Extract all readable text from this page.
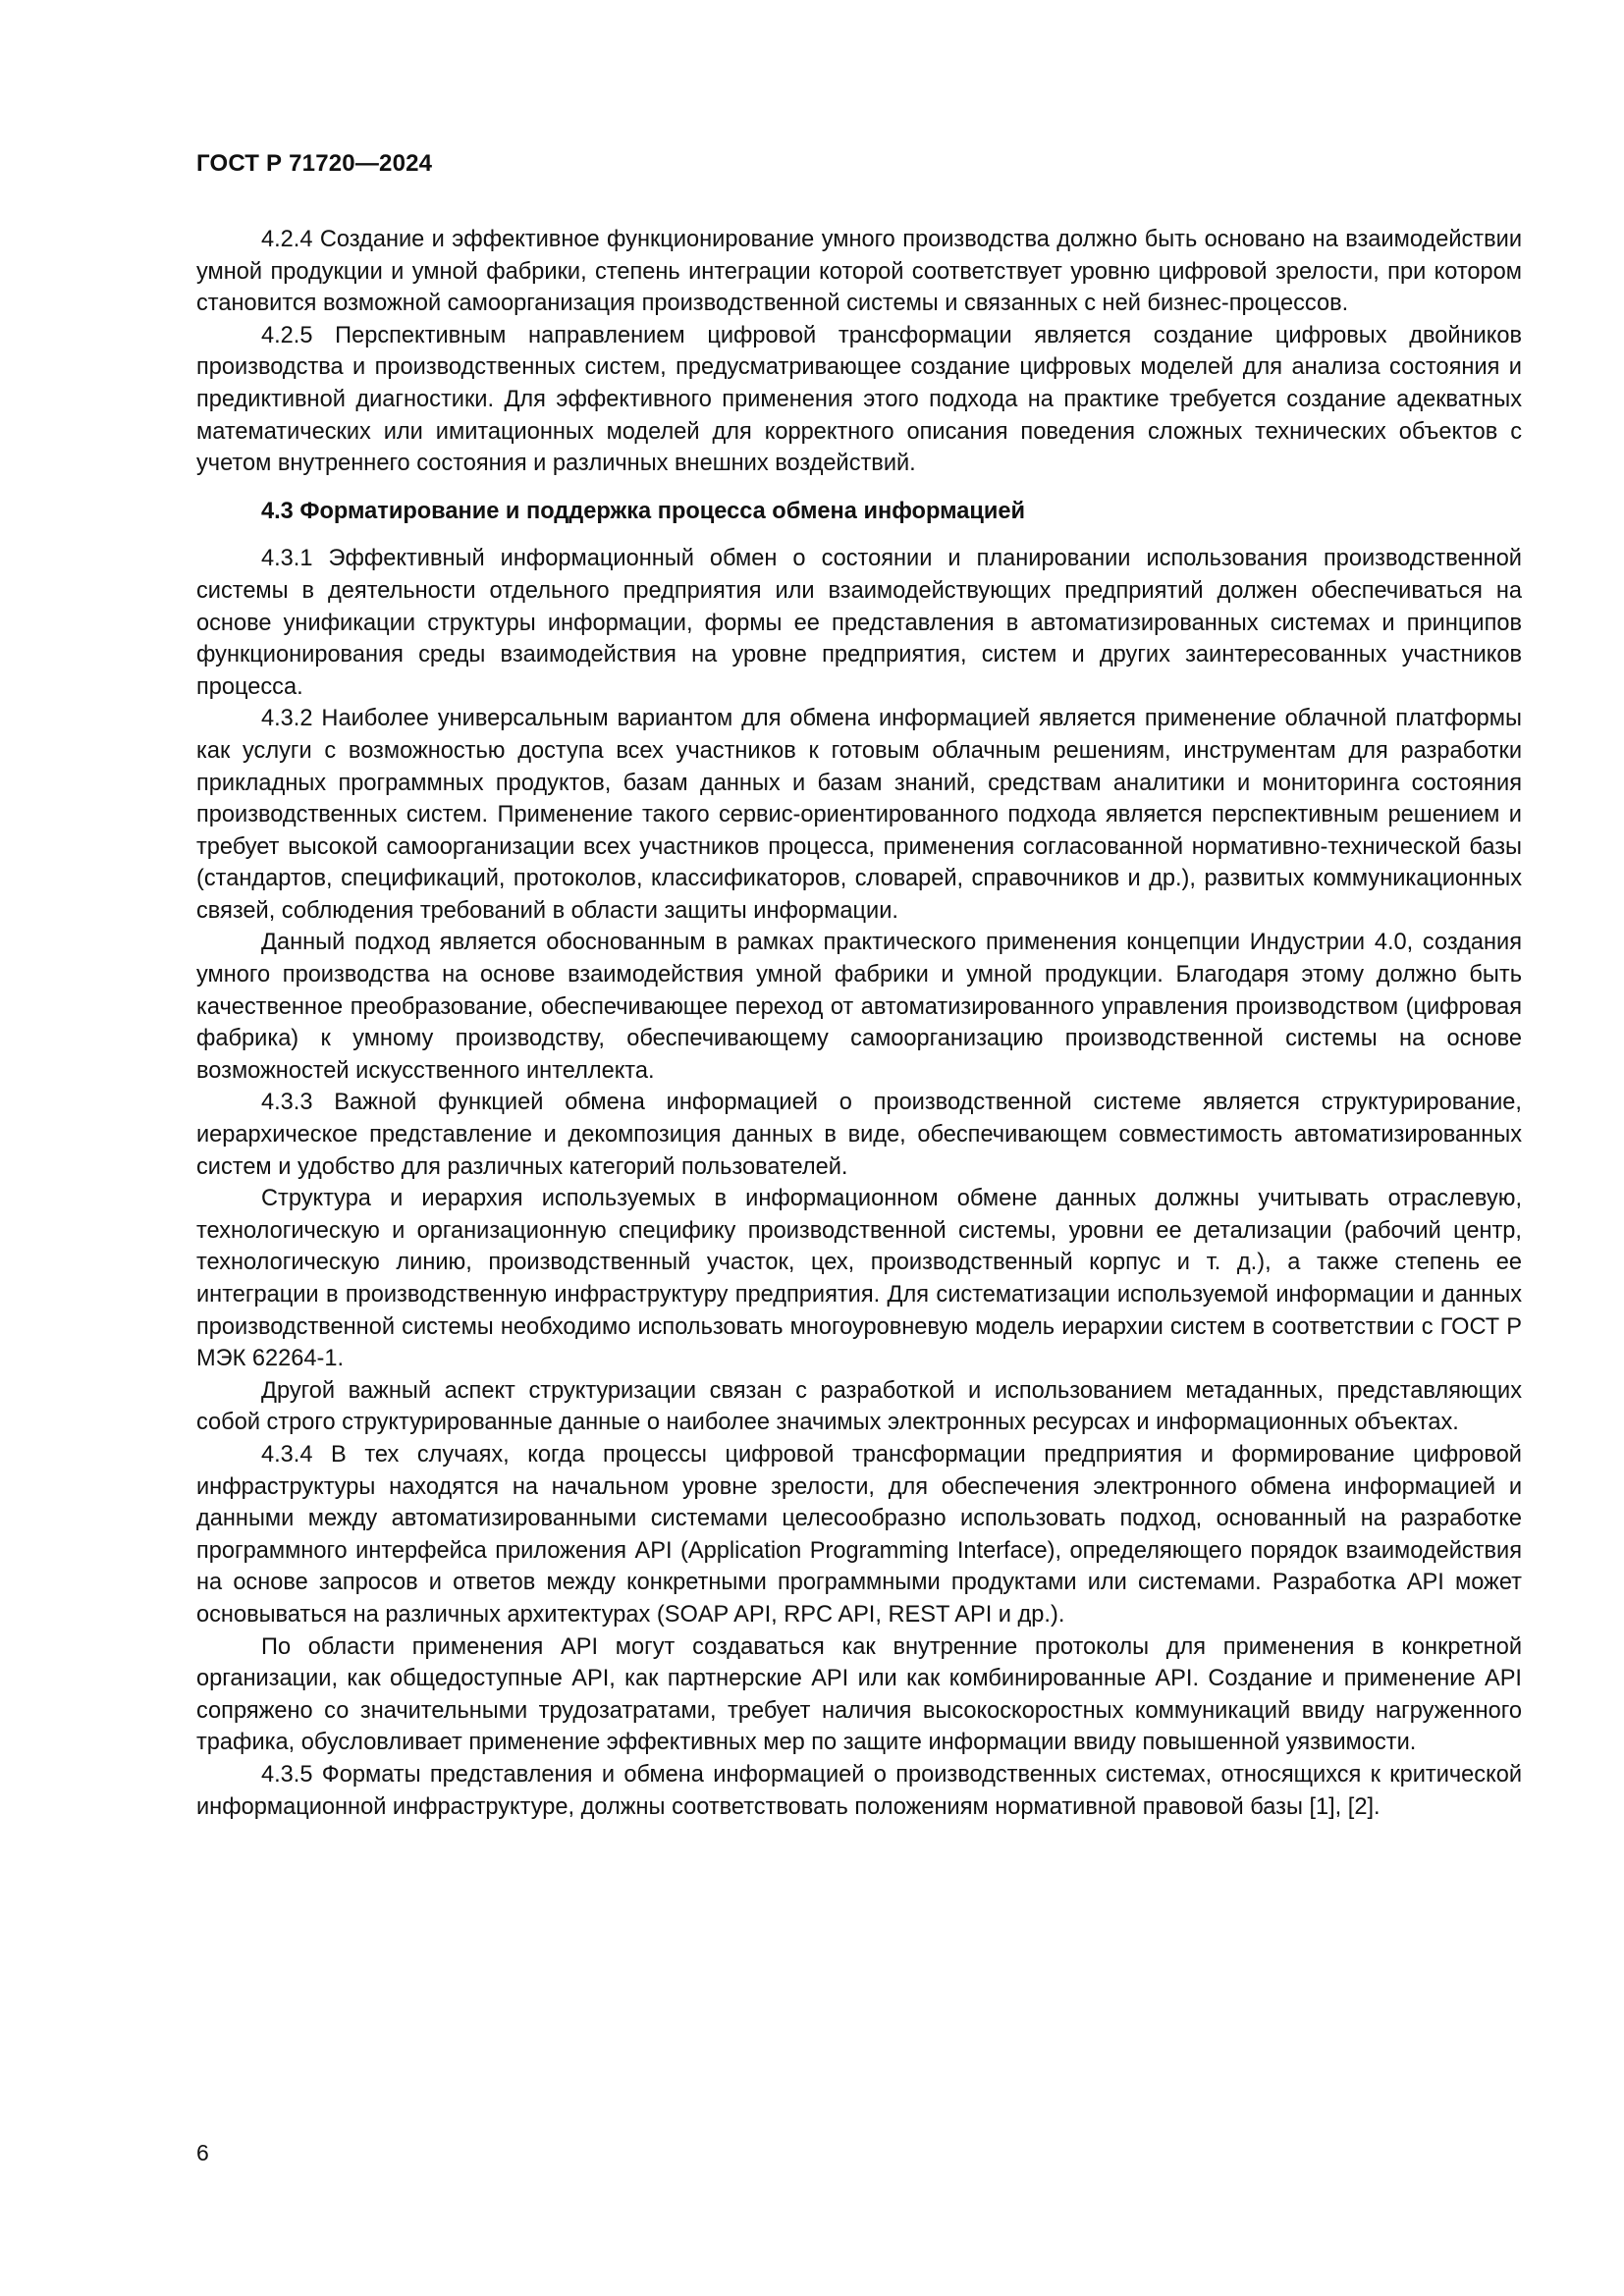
ГОСТ Р 71720—2024

4.2.4 Создание и эффективное функционирование умного производства должно быть основано на взаимодействии умной продукции и умной фабрики, степень интеграции которой соответствует уровню цифровой зрелости, при котором становится возможной самоорганизация производственной системы и связанных с ней бизнес-процессов.

4.2.5 Перспективным направлением цифровой трансформации является создание цифровых двойников производства и производственных систем, предусматривающее создание цифровых моделей для анализа состояния и предиктивной диагностики. Для эффективного применения этого подхода на практике требуется создание адекватных математических или имитационных моделей для корректного описания поведения сложных технических объектов с учетом внутреннего состояния и различных внешних воздействий.

4.3 Форматирование и поддержка процесса обмена информацией

4.3.1 Эффективный информационный обмен о состоянии и планировании использования производственной системы в деятельности отдельного предприятия или взаимодействующих предприятий должен обеспечиваться на основе унификации структуры информации, формы ее представления в автоматизированных системах и принципов функционирования среды взаимодействия на уровне предприятия, систем и других заинтересованных участников процесса.

4.3.2 Наиболее универсальным вариантом для обмена информацией является применение облачной платформы как услуги с возможностью доступа всех участников к готовым облачным решениям, инструментам для разработки прикладных программных продуктов, базам данных и базам знаний, средствам аналитики и мониторинга состояния производственных систем. Применение такого сервис-ориентированного подхода является перспективным решением и требует высокой самоорганизации всех участников процесса, применения согласованной нормативно-технической базы (стандартов, спецификаций, протоколов, классификаторов, словарей, справочников и др.), развитых коммуникационных связей, соблюдения требований в области защиты информации.

Данный подход является обоснованным в рамках практического применения концепции Индустрии 4.0, создания умного производства на основе взаимодействия умной фабрики и умной продукции. Благодаря этому должно быть качественное преобразование, обеспечивающее переход от автоматизированного управления производством (цифровая фабрика) к умному производству, обеспечивающему самоорганизацию производственной системы на основе возможностей искусственного интеллекта.

4.3.3 Важной функцией обмена информацией о производственной системе является структурирование, иерархическое представление и декомпозиция данных в виде, обеспечивающем совместимость автоматизированных систем и удобство для различных категорий пользователей.

Структура и иерархия используемых в информационном обмене данных должны учитывать отраслевую, технологическую и организационную специфику производственной системы, уровни ее детализации (рабочий центр, технологическую линию, производственный участок, цех, производственный корпус и т. д.), а также степень ее интеграции в производственную инфраструктуру предприятия. Для систематизации используемой информации и данных производственной системы необходимо использовать многоуровневую модель иерархии систем в соответствии с ГОСТ Р МЭК 62264-1.

Другой важный аспект структуризации связан с разработкой и использованием метаданных, представляющих собой строго структурированные данные о наиболее значимых электронных ресурсах и информационных объектах.

4.3.4 В тех случаях, когда процессы цифровой трансформации предприятия и формирование цифровой инфраструктуры находятся на начальном уровне зрелости, для обеспечения электронного обмена информацией и данными между автоматизированными системами целесообразно использовать подход, основанный на разработке программного интерфейса приложения API (Application Programming Interface), определяющего порядок взаимодействия на основе запросов и ответов между конкретными программными продуктами или системами. Разработка API может основываться на различных архитектурах (SOAP API, RPC API, REST API и др.).

По области применения API могут создаваться как внутренние протоколы для применения в конкретной организации, как общедоступные API, как партнерские API или как комбинированные API. Создание и применение API сопряжено со значительными трудозатратами, требует наличия высокоскоростных коммуникаций ввиду нагруженного трафика, обусловливает применение эффективных мер по защите информации ввиду повышенной уязвимости.

4.3.5 Форматы представления и обмена информацией о производственных системах, относящихся к критической информационной инфраструктуре, должны соответствовать положениям нормативной правовой базы [1], [2].

6
